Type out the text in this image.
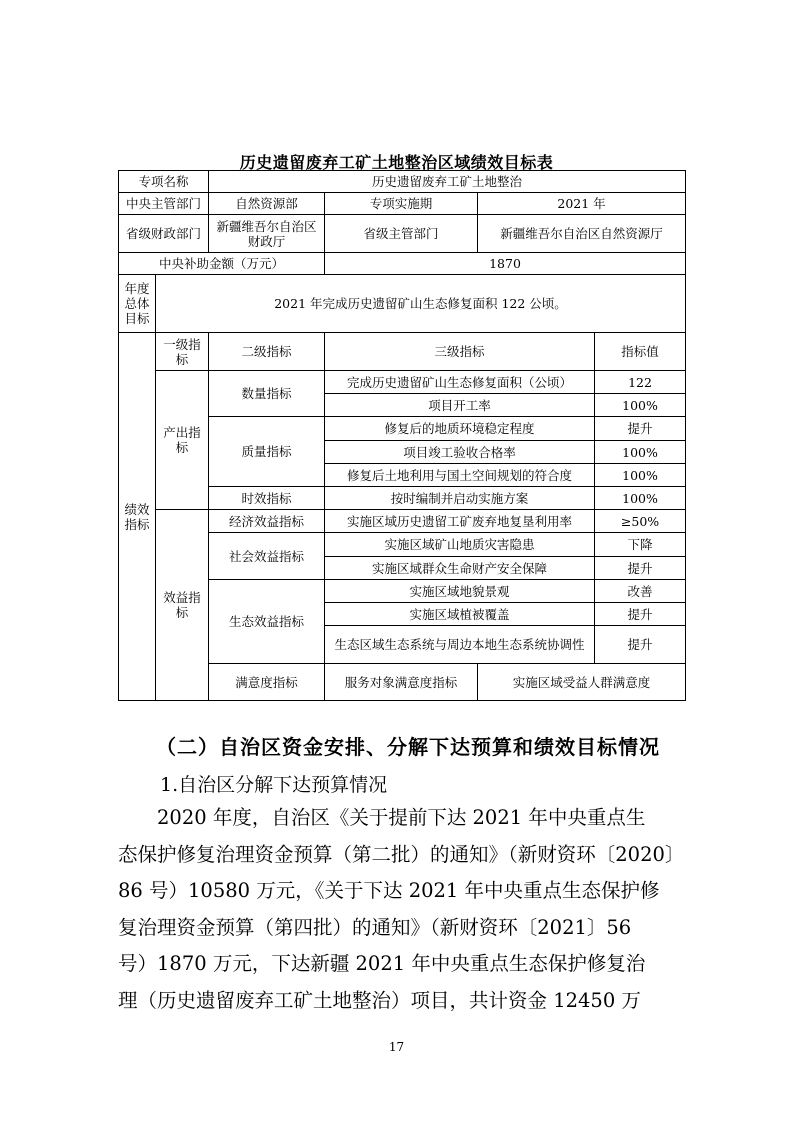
历史遗留废弃工矿土地整治区域绩效目标表
专项名称		历史遗留废弃工矿土地整治				
中央主管部门		自然资源部	专项实施期	2021 年		
省级财政部门		新疆维吾尔自治区财政厅	省级主管部门	新疆维吾尔自治区自然资源厅		
中央补助金额（万元）			1870			
年度总体目标	2021 年完成历史遗留矿山生态修复面积 122 公顷。					
绩效指标	一级指标	二级指标	三级指标		指标值	
	产出指标	数量指标	完成历史遗留矿山生态修复面积（公顷）		122	
			项目开工率		100%	
		质量指标	修复后的地质环境稳定程度		提升	
			项目竣工验收合格率		100%	
			修复后土地利用与国土空间规划的符合度		100%	
		时效指标	按时编制并启动实施方案		100%	
	效益指标	经济效益指标	实施区域历史遗留工矿废弃地复垦利用率		≥50%	
		社会效益指标	实施区域矿山地质灾害隐患		下降	
			实施区域群众生命财产安全保障		提升	
		生态效益指标	实施区域地貌景观		改善	
			实施区域植被覆盖		提升	
			生态区域生态系统与周边本地生态系统协调性		提升	
		满意度指标	服务对象满意度指标	实施区域受益人群满意度	
（二）自治区资金安排、分解下达预算和绩效目标情况
1.自治区分解下达预算情况
　　2020 年度，自治区《关于提前下达 2021 年中央重点生
态保护修复治理资金预算（第二批）的通知》（新财资环〔2020〕
86 号）10580 万元，《关于下达 2021 年中央重点生态保护修
复治理资金预算（第四批）的通知》（新财资环〔2021〕56
号）1870 万元，下达新疆 2021 年中央重点生态保护修复治
理（历史遗留废弃工矿土地整治）项目，共计资金 12450 万
17
